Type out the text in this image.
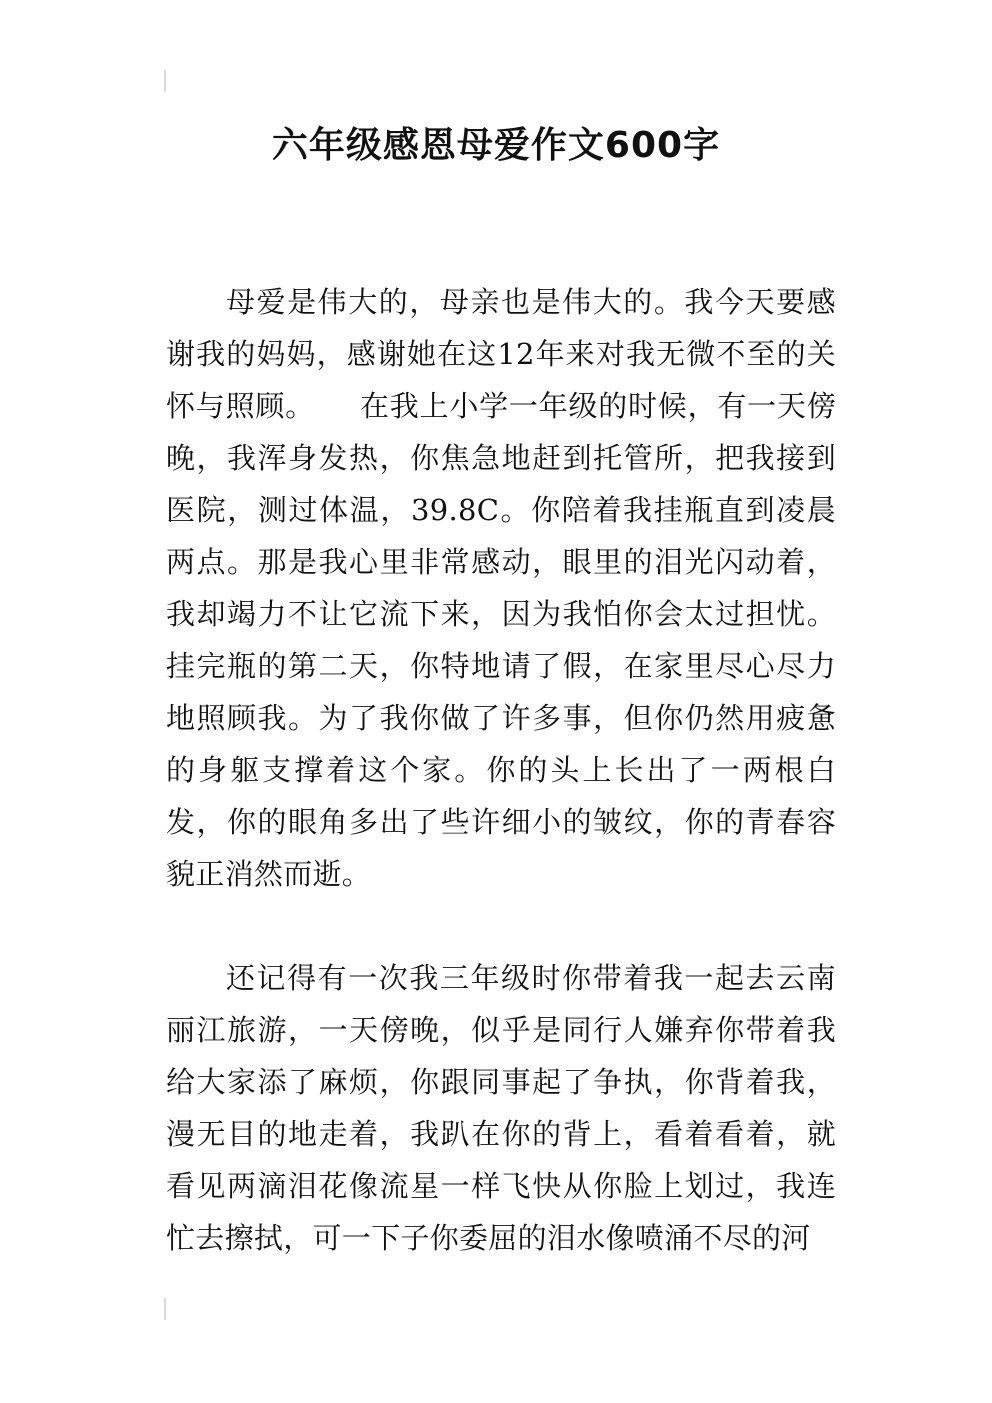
六年级感恩母爱作文600字

母爱是伟大的，母亲也是伟大的。我今天要感谢我的妈妈，感谢她在这12年来对我无微不至的关怀与照顾。　　在我上小学一年级的时候，有一天傍晚，我浑身发热，你焦急地赶到托管所，把我接到医院，测过体温，39.8C。你陪着我挂瓶直到凌晨两点。那是我心里非常感动，眼里的泪光闪动着，我却竭力不让它流下来，因为我怕你会太过担忧。挂完瓶的第二天，你特地请了假，在家里尽心尽力地照顾我。为了我你做了许多事，但你仍然用疲惫的身躯支撑着这个家。你的头上长出了一两根白发，你的眼角多出了些许细小的皱纹，你的青春容貌正消然而逝。

还记得有一次我三年级时你带着我一起去云南丽江旅游，一天傍晚，似乎是同行人嫌弃你带着我给大家添了麻烦，你跟同事起了争执，你背着我，漫无目的地走着，我趴在你的背上，看着看着，就看见两滴泪花像流星一样飞快从你脸上划过，我连忙去擦拭，可一下子你委屈的泪水像喷涌不尽的河
